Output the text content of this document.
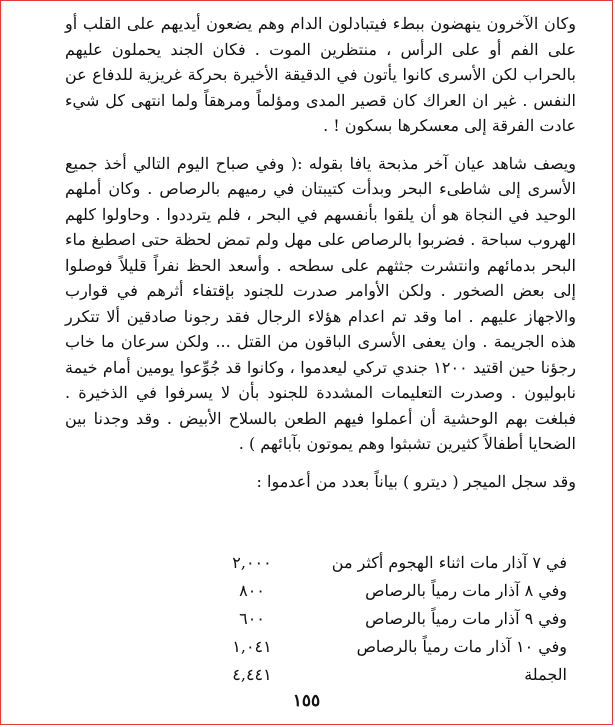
وكان الآخرون ينهضون ببطء فيتبادلون الدام وهم يضعون أيديهم على القلب أو على الفم أو على الرأس ، منتظرين الموت . فكان الجند يحملون عليهم بالحراب لكن الأسرى كانوا يأتون في الدقيقة الأخيرة بحركة غريزية للدفاع عن النفس . غير ان العراك كان قصير المدى ومؤلماً ومرهقاً ولما انتهى كل شيء عادت الفرقة إلى معسكرها بسكون ! .

ويصف شاهد عيان آخر مذبحة يافا بقوله :( وفي صباح اليوم التالي أخذ جميع الأسرى إلى شاطىء البحر وبدأت كتيبتان في رميهم بالرصاص . وكان أملهم الوحيد في النجاة هو أن يلقوا بأنفسهم في البحر ، فلم يترددوا . وحاولوا كلهم الهروب سباحة . فضربوا بالرصاص على مهل ولم تمض لحظة حتى اصطبغ ماء البحر بدمائهم وانتشرت جثثهم على سطحه . وأسعد الحظ نفراً قليلاً فوصلوا إلى بعض الصخور . ولكن الأوامر صدرت للجنود بإقتفاء أثرهم في قوارب والاجهاز عليهم . اما وقد تم اعدام هؤلاء الرجال فقد رجونا صادقين ألا تتكرر هذه الجريمة . وان يعفى الأسرى الباقون من القتل ... ولكن سرعان ما خاب رجؤنا حين اقتيد ١٢٠٠ جندي تركي ليعدموا ، وكانوا قد جُوِّعوا يومين أمام خيمة نابوليون . وصدرت التعليمات المشددة للجنود بأن لا يسرفوا في الذخيرة . فبلغت بهم الوحشية أن أعملوا فيهم الطعن بالسلاح الأبيض . وقد وجدنا بين الضحايا أطفالاً كثيرين تشبثوا وهم يموتون بآبائهم ) .

وقد سجل الميجر ( ديترو ) بياناً بعدد من أعدموا :

في ٧ آذار مات اثناء الهجوم أكثر من
٢,٠٠٠
وفي ٨ آذار مات رمياً بالرصاص
٨٠٠
وفي ٩ آذار مات رمياً بالرصاص
٦٠٠
وفي ١٠ آذار مات رمياً بالرصاص
١,٠٤١
الجملة
٤,٤٤١
١٥٥
